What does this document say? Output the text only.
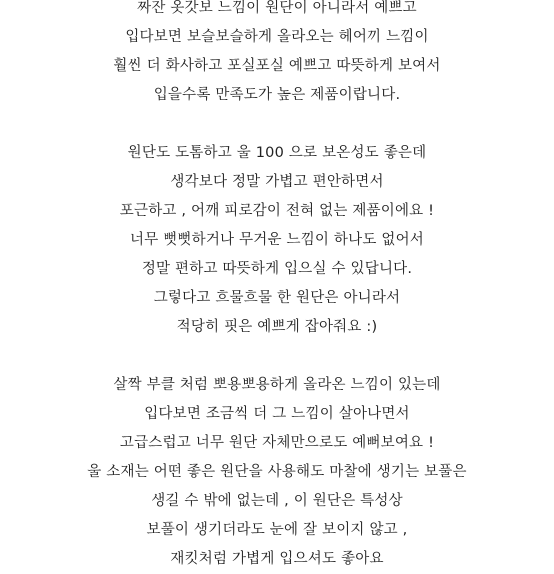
짜잔 옷갓보 느낌이 원단이 아니라서 예쁘고
입다보면 보슬보슬하게 올라오는 헤어끼 느낌이
훨씬 더 화사하고 포실포실 예쁘고 따뜻하게 보여서
입을수록 만족도가 높은 제품이랍니다.
원단도 도톰하고 울 100 으로 보온성도 좋은데
생각보다 정말 가볍고 편안하면서
포근하고 , 어깨 피로감이 전혀 없는 제품이에요 !
너무 뻣뻣하거나 무거운 느낌이 하나도 없어서
정말 편하고 따뜻하게 입으실 수 있답니다.
그렇다고 흐물흐물 한 원단은 아니라서
적당히 핏은 예쁘게 잡아줘요 :)
살짝 부클 처럼 뽀용뽀용하게 올라온 느낌이 있는데
입다보면 조금씩 더 그 느낌이 살아나면서
고급스럽고 너무 원단 자체만으로도 예뻐보여요 !
울 소재는 어떤 좋은 원단을 사용해도 마찰에 생기는 보풀은
생길 수 밖에 없는데 , 이 원단은 특성상
보풀이 생기더라도 눈에 잘 보이지 않고 ,
재킷처럼 가볍게 입으셔도 좋아요
